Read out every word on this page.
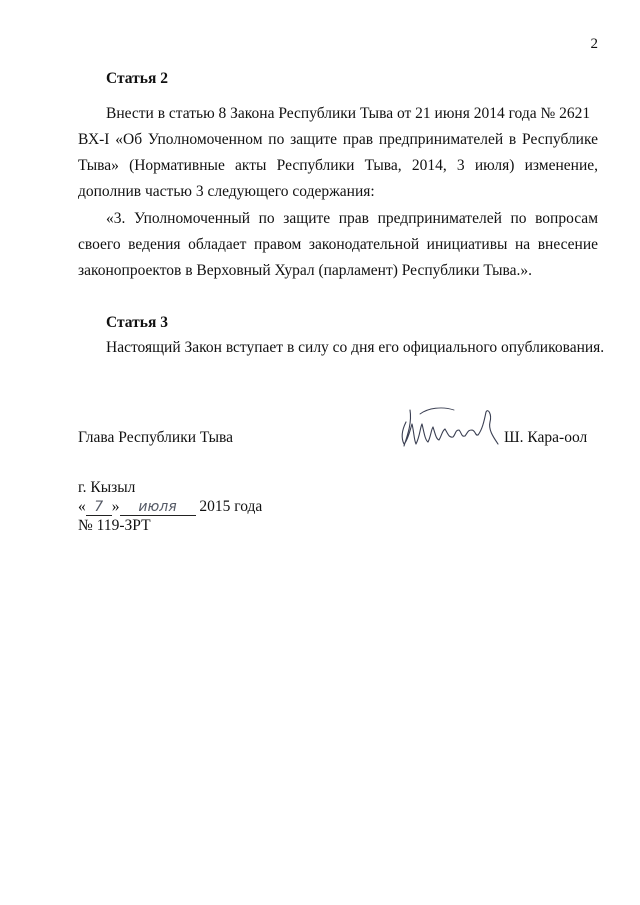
2
Статья 2
Внести в статью 8 Закона Республики Тыва от 21 июня 2014 года № 2621
ВХ-I «Об Уполномоченном по защите прав предпринимателей в Республике
Тыва» (Нормативные акты Республики Тыва, 2014, 3 июля) изменение,
дополнив частью 3 следующего содержания:
«3. Уполномоченный по защите прав предпринимателей по вопросам
своего ведения обладает правом законодательной инициативы на внесение
законопроектов в Верховный Хурал (парламент) Республики Тыва.».
Статья 3
Настоящий Закон вступает в силу со дня его официального опубликования.
Глава Республики Тыва	Ш. Кара-оол
г. Кызыл
« 7 » июля 2015 года
№ 119-ЗРТ
